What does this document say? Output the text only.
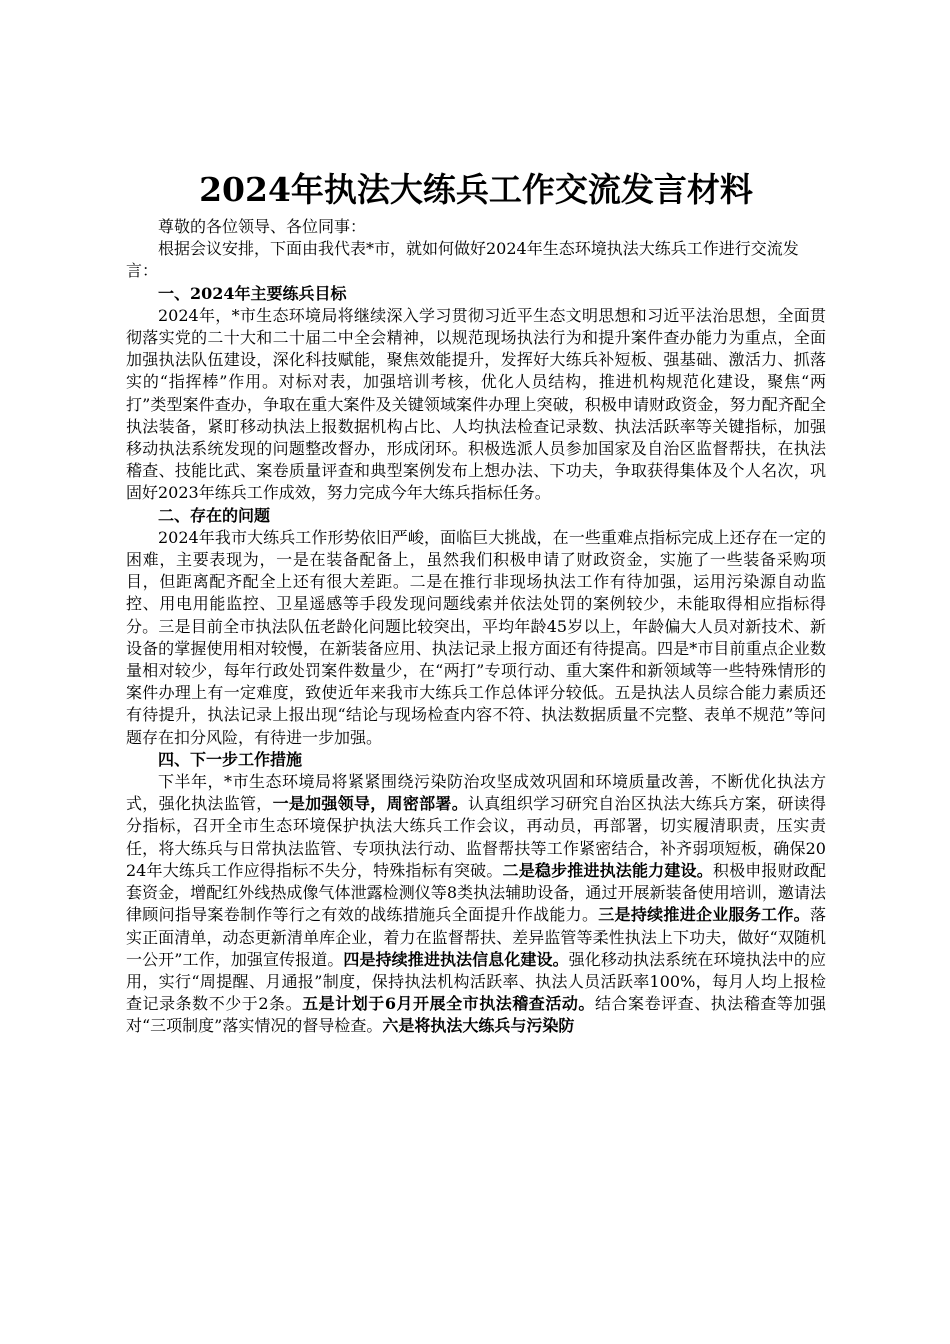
2024年执法大练兵工作交流发言材料

尊敬的各位领导、各位同事：

根据会议安排，下面由我代表*市，就如何做好2024年生态环境执法大练兵工作进行交流发言：

一、2024年主要练兵目标

2024年，*市生态环境局将继续深入学习贯彻习近平生态文明思想和习近平法治思想，全面贯彻落实党的二十大和二十届二中全会精神，以规范现场执法行为和提升案件查办能力为重点，全面加强执法队伍建设，深化科技赋能，聚焦效能提升，发挥好大练兵补短板、强基础、激活力、抓落实的“指挥棒”作用。对标对表，加强培训考核，优化人员结构，推进机构规范化建设，聚焦“两打”类型案件查办，争取在重大案件及关键领域案件办理上突破，积极申请财政资金，努力配齐配全执法装备，紧盯移动执法上报数据机构占比、人均执法检查记录数、执法活跃率等关键指标，加强移动执法系统发现的问题整改督办，形成闭环。积极选派人员参加国家及自治区监督帮扶，在执法稽查、技能比武、案卷质量评查和典型案例发布上想办法、下功夫，争取获得集体及个人名次，巩固好2023年练兵工作成效，努力完成今年大练兵指标任务。

二、存在的问题

2024年我市大练兵工作形势依旧严峻，面临巨大挑战，在一些重难点指标完成上还存在一定的困难，主要表现为，一是在装备配备上，虽然我们积极申请了财政资金，实施了一些装备采购项目，但距离配齐配全上还有很大差距。二是在推行非现场执法工作有待加强，运用污染源自动监控、用电用能监控、卫星遥感等手段发现问题线索并依法处罚的案例较少，未能取得相应指标得分。三是目前全市执法队伍老龄化问题比较突出，平均年龄45岁以上，年龄偏大人员对新技术、新设备的掌握使用相对较慢，在新装备应用、执法记录上报方面还有待提高。四是*市目前重点企业数量相对较少，每年行政处罚案件数量少，在“两打”专项行动、重大案件和新领域等一些特殊情形的案件办理上有一定难度，致使近年来我市大练兵工作总体评分较低。五是执法人员综合能力素质还有待提升，执法记录上报出现“结论与现场检查内容不符、执法数据质量不完整、表单不规范”等问题存在扣分风险，有待进一步加强。

四、下一步工作措施

下半年，*市生态环境局将紧紧围绕污染防治攻坚成效巩固和环境质量改善，不断优化执法方式，强化执法监管，一是加强领导，周密部署。认真组织学习研究自治区执法大练兵方案，研读得分指标，召开全市生态环境保护执法大练兵工作会议，再动员，再部署，切实履清职责，压实责任，将大练兵与日常执法监管、专项执法行动、监督帮扶等工作紧密结合，补齐弱项短板，确保2024年大练兵工作应得指标不失分，特殊指标有突破。二是稳步推进执法能力建设。积极申报财政配套资金，增配红外线热成像气体泄露检测仪等8类执法辅助设备，通过开展新装备使用培训，邀请法律顾问指导案卷制作等行之有效的战练措施兵全面提升作战能力。三是持续推进企业服务工作。落实正面清单，动态更新清单库企业，着力在监督帮扶、差异监管等柔性执法上下功夫，做好“双随机一公开”工作，加强宣传报道。四是持续推进执法信息化建设。强化移动执法系统在环境执法中的应用，实行“周提醒、月通报”制度，保持执法机构活跃率、执法人员活跃率100%，每月人均上报检查记录条数不少于2条。五是计划于6月开展全市执法稽查活动。结合案卷评查、执法稽查等加强对“三项制度”落实情况的督导检查。六是将执法大练兵与污染防
